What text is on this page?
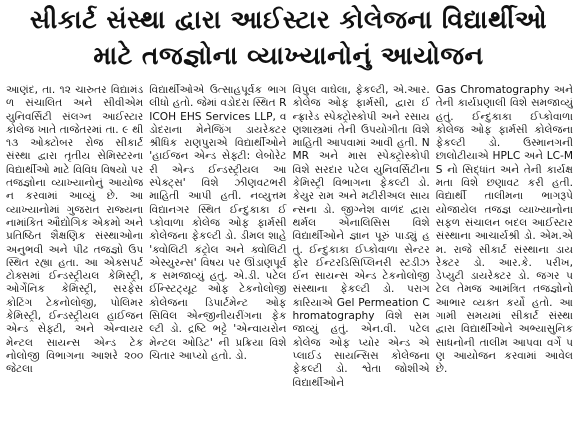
સીકાર્ટ સંસ્થા દ્વારા આઈસ્ટાર કોલેજના વિદ્યાર્થીઓ
માટે તજજ્ઞોના વ્યાખ્યાનોનું આયોજન

આણંદ, તા. ૧૨ ચારુતર વિદ્યામંડળ સંચાલિત અને સીવીએમ યુનિવર્સિટી સંલગ્ન આઈસ્ટાર કોલેજ ખાતે તાજેતરમાં તા. ૯ થી ૧૩ ઓક્ટોબર રોજ સીકાર્ટ સંસ્થા દ્વારા તૃતીય સેમિસ્ટરના વિદ્યાર્થીઓ માટે વિવિધ વિષયો પર તજજ્ઞોના વ્યાખ્યાનોનું આયોજન કરવામાં આવ્યું છે. આ વ્યાખ્યાનોમાં ગુજરાત રાજ્યના નામાંકિત ઔદ્યોગિક એકમો અને પ્રતિષ્ઠિત શૈક્ષણિક સંસ્થાઓના અનુભવી અને પીઢ તજજ્ઞો ઉપસ્થિત રહ્યા હતા. આ એક્સપર્ટ ટોક્સમાં ઈન્ડસ્ટ્રીયલ કેમિસ્ટ્રી, ઓર્ગેનિક કેમિસ્ટ્રી, સરફેસ કોટિંગ ટેકનોલોજી, પોલિમર કેમિસ્ટ્રી, ઈન્ડસ્ટ્રીયલ હાઈજન એન્ડ સેફ્ટી, અને એન્વાયરમેન્ટલ સાયન્સ એન્ડ ટેકનોલોજી વિભાગના આશરે ૨૦૦ જેટલા

વિદ્યાર્થીઓએ ઉત્સાહપૂર્વક ભાગ લીધો હતો. જેમાં વડોદરા સ્થિત RICOH EHS Services LLP, વડોદરાના મેનેજિંગ ડાયરેક્ટર શ્રીધિક રાણપુરાએ વિદ્યાર્થીઓને 'હાઈજન એન્ડ સેફ્ટી: લેબોરેટરી એન્ડ ઈન્ડસ્ટ્રીયલ આસ્પેક્ટ્સ' વિશે ઝીણવટભરી માહિતી આપી હતી. નવ્યુત્તમ વિદ્યાનગર સ્થિત ઈન્દુકાકા ઈપ્કોવાળા કોલેજ ઓફ ફાર્મસી કોલેજના ફેકલ્ટી ડો. ડીમલ શાહે 'ક્વોલિટી કંટ્રોલ અને ક્વોલિટી એસ્યુરન્સ' વિષય પર ઊંડાણપૂર્વક સમજાવ્યું હતું. એ.ડી. પટેલ ઈન્સ્ટિટ્યૂટ ઓફ ટેકનોલોજી કોલેજના ડિપાર્ટમેન્ટ ઓફ સિવિલ એન્જીનીયરીંગના ફેકલ્ટી ડો. દ્રષ્ટિ ભટ્ટે 'એન્વાયરોનમેન્ટલ ઓડિટ' ની પ્રક્રિયા વિશે ચિતાર આપ્યો હતો. ડો.

વિપુલ વાઘેલા, ફેકલ્ટી, એ.આર. કોલેજ ઓફ ફાર્મસી, દ્વારા ઈન્ફ્રારેડ સ્પેક્ટ્રોસ્કોપી અને રસાયણશાસ્ત્રમાં તેની ઉપયોગીતા વિશે માહિતી આપવામાં આવી હતી. NMR અને માસ સ્પેક્ટ્રોસ્કોપી વિશે સરદાર પટેલ યુનિવર્સિટીના કેમિસ્ટ્રી વિભાગના ફેકલ્ટી ડો. કેયુર રામ અને મટીરીઅલ સાયન્સના ડો. જીગ્નેશ વાળંદ દ્વારા થર્મલ એનાલિસિસ વિશે વિદ્યાર્થીઓને જ્ઞાન પૂરું પાડ્યું હતું. ઈન્દુકાકા ઈપ્કોવાળા સેન્ટર ફોર ઈન્ટરડિસિપ્લિનરી સ્ટડીઝ ઈન સાયન્સ એન્ડ ટેકનોલોજી સંસ્થાના ફેકલ્ટી ડો. પરાગ કારિયાએ Gel Permeation Chromatography વિશે સમજાવ્યું હતું. એન.વી. પટેલ કોલેજ ઓફ પ્યોર એન્ડ એપ્લાઈડ સાયન્સિસ કોલેજના ફેકલ્ટી ડો. શ્વેતા જોશીએ વિદ્યાર્થીઓને

Gas Chromatography અને તેની કાર્યપ્રણાલી વિશે સમજાવ્યું હતું. ઈન્દુકાકા ઈપ્કોવાળા કોલેજ ઓફ ફાર્મસી કોલેજના ફેકલ્ટી ડો. ઉસ્માનગની છાલોટીયાએ HPLC અને LC-MS નો સિદ્ધાંત અને તેની કાર્યક્ષમતા વિશે છણાવટ કરી હતી. વિદ્યાર્થી તાલીમના ભાગરૂપે યોજાયેલ તજજ્ઞ વ્યાખ્યાનોના સફળ સંચાલન બદલ આઈસ્ટાર સંસ્થાના આચાર્યશ્રી ડો. એમ.એમ. રાજે સીકાર્ટ સંસ્થાના ડાયરેક્ટર ડો. આર.કે. પરીખ, ડેપ્યુટી ડાયરેક્ટર ડો. જગર પટેલ તેમજ આમંત્રિત તજજ્ઞોનો આભાર વ્યક્ત કર્યો હતો. આગામી સમયમાં સીકાર્ટ સંસ્થા દ્વારા વિદ્યાર્થીઓને અભ્યાસુનિક સાધનોની તાલીમ આપવા વર્ગે પણ આયોજન કરવામાં આવેલ છે.
